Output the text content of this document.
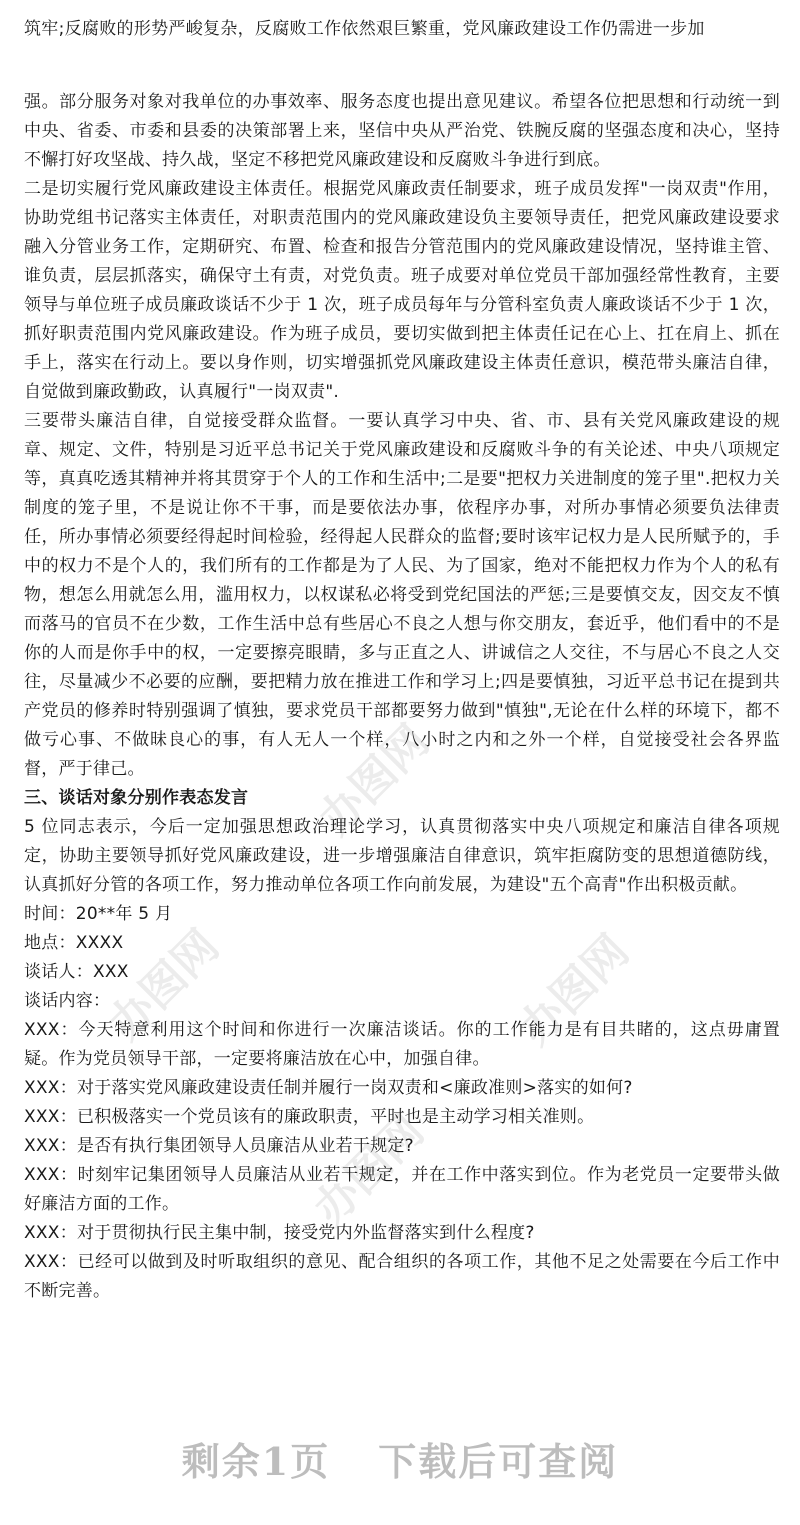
筑牢;反腐败的形势严峻复杂，反腐败工作依然艰巨繁重，党风廉政建设工作仍需进一步加
办图网
办图网
办图网
办图网

强。部分服务对象对我单位的办事效率、服务态度也提出意见建议。希望各位把思想和行动统一到中央、省委、市委和县委的决策部署上来，坚信中央从严治党、铁腕反腐的坚强态度和决心，坚持不懈打好攻坚战、持久战，坚定不移把党风廉政建设和反腐败斗争进行到底。

二是切实履行党风廉政建设主体责任。根据党风廉政责任制要求，班子成员发挥"一岗双责"作用，协助党组书记落实主体责任，对职责范围内的党风廉政建设负主要领导责任，把党风廉政建设要求融入分管业务工作，定期研究、布置、检查和报告分管范围内的党风廉政建设情况，坚持谁主管、谁负责，层层抓落实，确保守土有责，对党负责。班子成要对单位党员干部加强经常性教育，主要领导与单位班子成员廉政谈话不少于 1 次，班子成员每年与分管科室负责人廉政谈话不少于 1 次，抓好职责范围内党风廉政建设。作为班子成员，要切实做到把主体责任记在心上、扛在肩上、抓在手上，落实在行动上。要以身作则，切实增强抓党风廉政建设主体责任意识，模范带头廉洁自律，自觉做到廉政勤政，认真履行"一岗双责".

三要带头廉洁自律，自觉接受群众监督。一要认真学习中央、省、市、县有关党风廉政建设的规章、规定、文件，特别是习近平总书记关于党风廉政建设和反腐败斗争的有关论述、中央八项规定等，真真吃透其精神并将其贯穿于个人的工作和生活中;二是要"把权力关进制度的笼子里".把权力关制度的笼子里，不是说让你不干事，而是要依法办事，依程序办事，对所办事情必须要负法律责任，所办事情必须要经得起时间检验，经得起人民群众的监督;要时该牢记权力是人民所赋予的，手中的权力不是个人的，我们所有的工作都是为了人民、为了国家，绝对不能把权力作为个人的私有物，想怎么用就怎么用，滥用权力，以权谋私必将受到党纪国法的严惩;三是要慎交友，因交友不慎而落马的官员不在少数，工作生活中总有些居心不良之人想与你交朋友，套近乎，他们看中的不是你的人而是你手中的权，一定要擦亮眼睛，多与正直之人、讲诚信之人交往，不与居心不良之人交往，尽量减少不必要的应酬，要把精力放在推进工作和学习上;四是要慎独，习近平总书记在提到共产党员的修养时特别强调了慎独，要求党员干部都要努力做到"慎独",无论在什么样的环境下，都不做亏心事、不做昧良心的事，有人无人一个样，八小时之内和之外一个样，自觉接受社会各界监督，严于律己。

三、谈话对象分别作表态发言

5 位同志表示，今后一定加强思想政治理论学习，认真贯彻落实中央八项规定和廉洁自律各项规定，协助主要领导抓好党风廉政建设，进一步增强廉洁自律意识，筑牢拒腐防变的思想道德防线，认真抓好分管的各项工作，努力推动单位各项工作向前发展，为建设"五个高青"作出积极贡献。

时间：20**年 5 月

地点：XXXX

谈话人：XXX

谈话内容：

XXX：今天特意利用这个时间和你进行一次廉洁谈话。你的工作能力是有目共睹的，这点毋庸置疑。作为党员领导干部，一定要将廉洁放在心中，加强自律。

XXX：对于落实党风廉政建设责任制并履行一岗双责和<廉政准则>落实的如何?

XXX：已积极落实一个党员该有的廉政职责，平时也是主动学习相关准则。

XXX：是否有执行集团领导人员廉洁从业若干规定?

XXX：时刻牢记集团领导人员廉洁从业若干规定，并在工作中落实到位。作为老党员一定要带头做好廉洁方面的工作。

XXX：对于贯彻执行民主集中制，接受党内外监督落实到什么程度?

XXX：已经可以做到及时听取组织的意见、配合组织的各项工作，其他不足之处需要在今后工作中不断完善。

剩余1页 下载后可查阅
